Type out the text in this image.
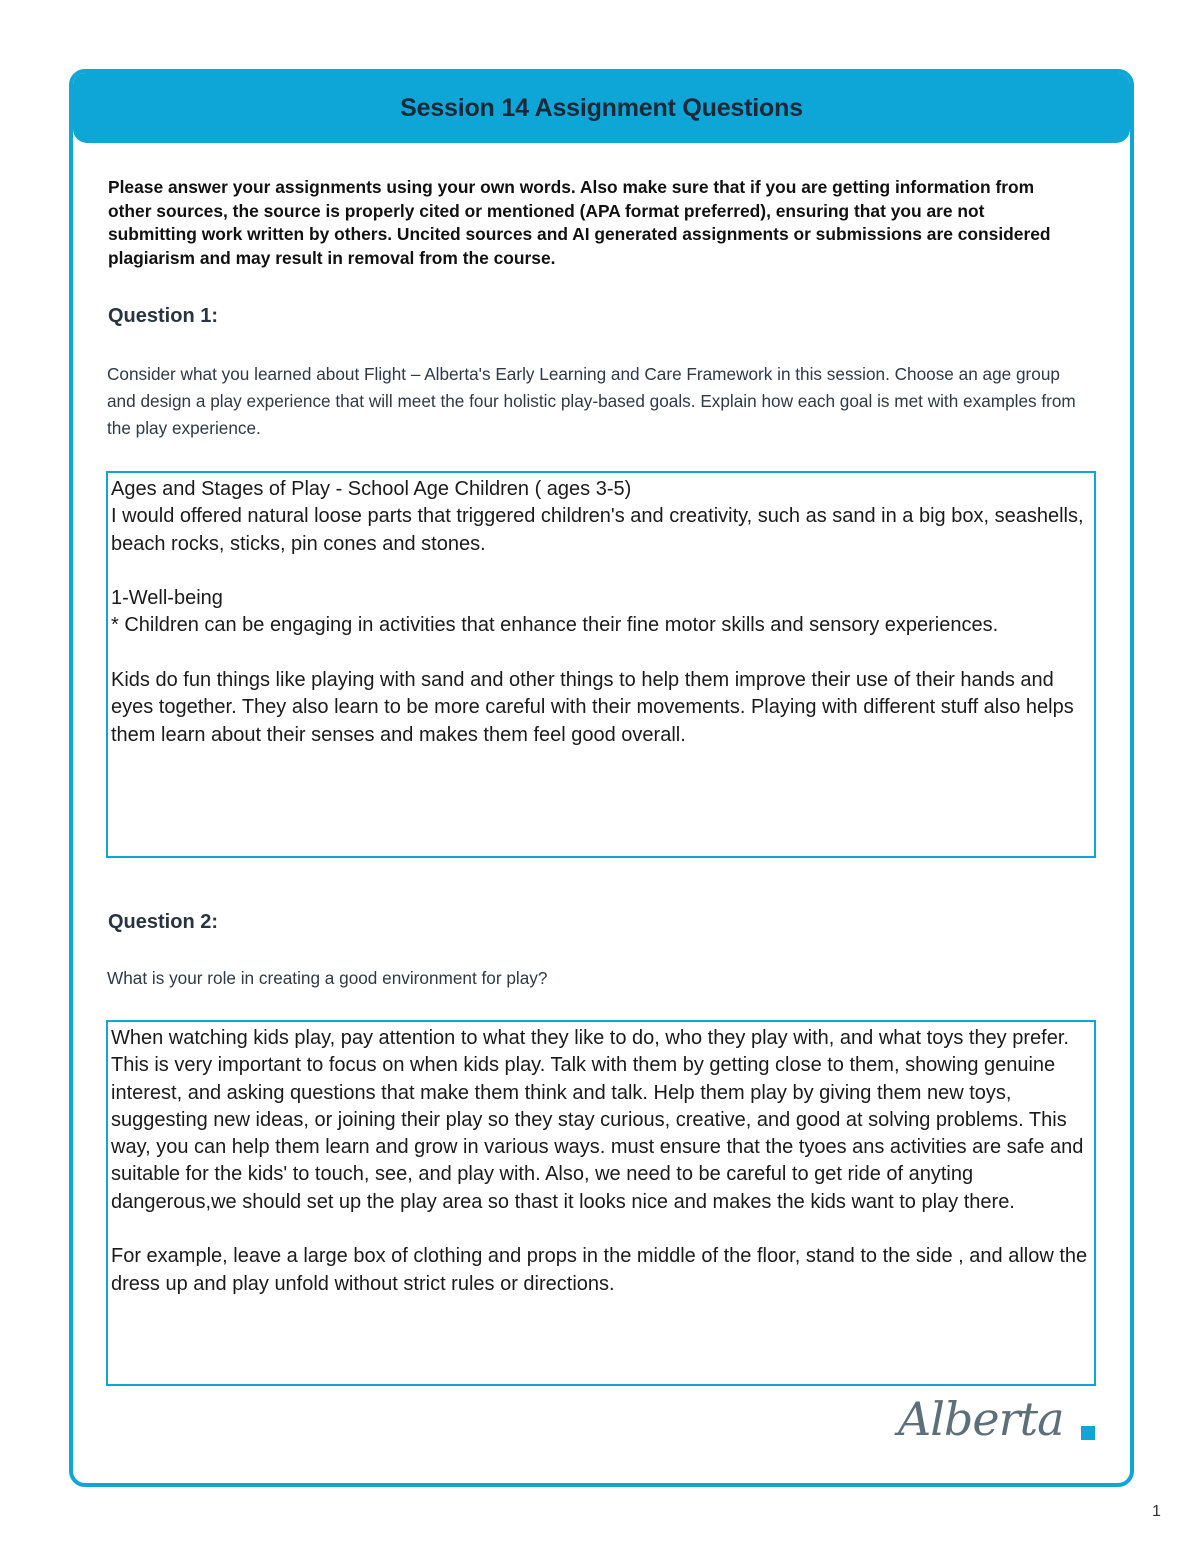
Session 14 Assignment Questions
Please answer your assignments using your own words. Also make sure that if you are getting information from other sources, the source is properly cited or mentioned (APA format preferred), ensuring that you are not submitting work written by others. Uncited sources and AI generated assignments or submissions are considered plagiarism and may result in removal from the course.
Question 1:
Consider what you learned about Flight – Alberta's Early Learning and Care Framework in this session. Choose an age group and design a play experience that will meet the four holistic play-based goals. Explain how each goal is met with examples from the play experience.

Ages and Stages of Play - School Age Children ( ages 3-5)

I would offered natural loose parts that triggered children's and creativity, such as sand in a big box, seashells, beach rocks, sticks, pin cones and stones.

1-Well-being

* Children can be engaging in activities that enhance their fine motor skills and sensory experiences.

Kids do fun things like playing with sand and other things to help them improve their use of their hands and eyes together. They also learn to be more careful with their movements. Playing with different stuff also helps them learn about their senses and makes them feel good overall.

Question 2:
What is your role in creating a good environment for play?

When watching kids play, pay attention to what they like to do, who they play with, and what toys they prefer. This is very important to focus on when kids play. Talk with them by getting close to them, showing genuine interest, and asking questions that make them think and talk. Help them play by giving them new toys, suggesting new ideas, or joining their play so they stay curious, creative, and good at solving problems. This way, you can help them learn and grow in various ways. must ensure that the tyoes ans activities are safe and suitable for the kids' to touch, see, and play with. Also, we need to be careful to get ride of anyting dangerous,we should set up the play area so thast it looks nice and makes the kids want to play there.

For example, leave a large box of clothing and props in the middle of the floor, stand to the side , and allow the dress up and play unfold without strict rules or directions.

Alberta
1
